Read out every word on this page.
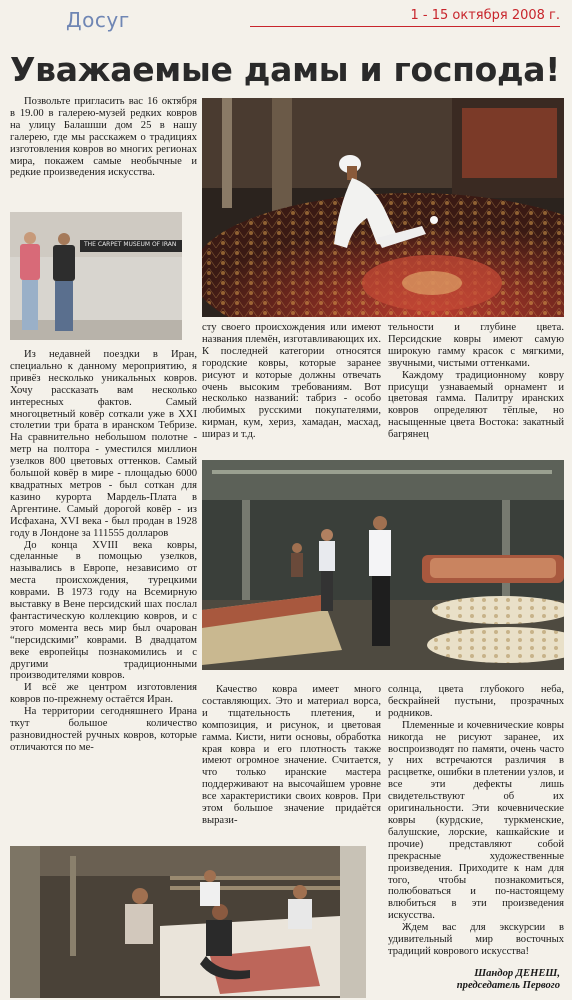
Досуг	1 - 15 октября 2008 г.
Уважаемые дамы и господа!

Позвольте пригласить вас 16 октября в 19.00 в галерею-музей редких ковров на улицу Балашши дом 25 в нашу галерею, где мы расскажем о традициях изготовления ковров во многих регионах мира, покажем самые необычные и редкие произведения искусства.

THE CARPET MUSEUM OF IRAN

Из недавней поездки в Иран, специально к данному мероприятию, я привёз несколько уникальных ковров. Хочу рассказать вам несколько интересных фактов. Самый многоцветный ковёр соткали уже в XXI столетии три брата в иранском Тебризе. На сравнительно небольшом полотне - метр на полтора - уместился миллион узелков 800 цветовых оттенков. Самый большой ковёр в мире - площадью 6000 квадратных метров - был соткан для казино курорта Мардель-Плата в Аргентине. Самый дорогой ковёр - из Исфахана, XVI века - был продан в 1928 году в Лондоне за 111555 долларов

До конца XVIII века ковры, сделанные в помощью узелков, назывались в Европе, независимо от места происхождения, турецкими коврами. В 1973 году на Всемирную выставку в Вене персидский шах послал фантастическую коллекцию ковров, и с этого момента весь мир был очарован “персидскими” коврами. В двадцатом веке европейцы познакомились и с другими традиционными производителями ковров.

И всё же центром изготовления ковров по-прежнему остаётся Иран.

На территории сегодняшнего Ирана ткут большое количество разновидностей ручных ковров, которые отличаются по ме-

сту своего происхождения или имеют названия племён, изготавливающих их. К последней категории относятся городские ковры, которые заранее рисуют и которые должны отвечать очень высоким требованиям. Вот несколько названий: табриз - особо любимых русскими покупателями, кирман, кум, хериз, хамадан, масхад, шираз и т.д.

тельности и глубине цвета. Персидские ковры имеют самую широкую гамму красок с мягкими, звучными, чистыми оттенками.

Каждому традиционному ковру присущи узнаваемый орнамент и цветовая гамма. Палитру иранских ковров определяют тёплые, но насыщенные цвета Востока: закатный багрянец

Качество ковра имеет много составляющих. Это и материал ворса, и тщательность плетения, и композиция, и рисунок, и цветовая гамма. Кисти, нити основы, обработка края ковра и его плотность также имеют огромное значение. Считается, что только иранские мастера поддерживают на высочайшем уровне все характеристики своих ковров. При этом большое значение придаётся вырази-

солнца, цвета глубокого неба, бескрайней пустыни, прозрачных родников.

Племенные и кочевнические ковры никогда не рисуют заранее, их воспроизводят по памяти, очень часто у них встречаются различия в расцветке, ошибки в плетении узлов, и все эти дефекты лишь свидетельствуют об их оригинальности. Эти кочевнические ковры (курдские, туркменские, балушские, лорские, кашкайские и прочие) представляют собой прекрасные художественные произведения. Приходите к нам для того, чтобы познакомиться, полюбоваться и по-настоящему влюбиться в эти произведения искусства.

Ждем вас для экскурсии в удивительный мир восточных традиций коврового искусства!

Шандор ДЕНЕШ,
председатель Первого
